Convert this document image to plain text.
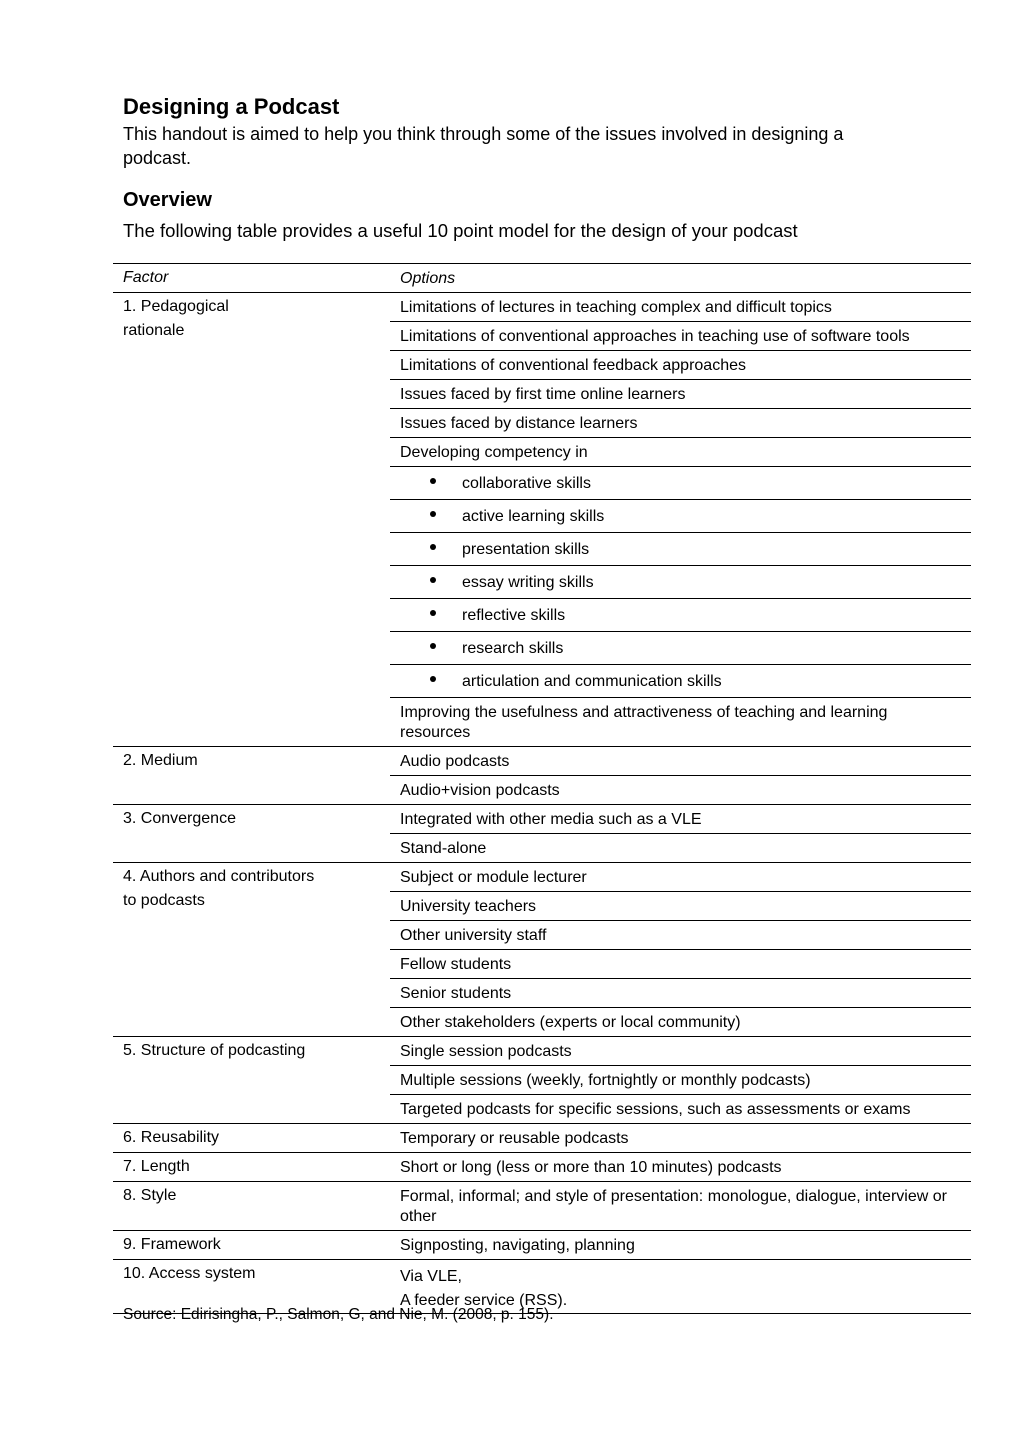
Designing a Podcast

This handout is aimed to help you think through some of the issues involved in designing a podcast.

Overview

The following table provides a useful 10 point model for the design of your podcast

Factor	Options
1. Pedagogical
rationale	Limitations of lectures in teaching complex and difficult topics
	Limitations of conventional approaches in teaching use of software tools
	Limitations of conventional feedback approaches
	Issues faced by first time online learners
	Issues faced by distance learners
	Developing competency in
	collaborative skills
	active learning skills
	presentation skills
	essay writing skills
	reflective skills
	research skills
	articulation and communication skills
	Improving the usefulness and attractiveness of teaching and learning resources
2. Medium	Audio podcasts
	Audio+vision podcasts
3. Convergence	Integrated with other media such as a VLE
	Stand-alone
4. Authors and contributors
to podcasts	Subject or module lecturer
	University teachers
	Other university staff
	Fellow students
	Senior students
	Other stakeholders (experts or local community)
5. Structure of podcasting	Single session podcasts
	Multiple sessions (weekly, fortnightly or monthly podcasts)
	Targeted podcasts for specific sessions, such as assessments or exams
6. Reusability	Temporary or reusable podcasts
7. Length	Short or long (less or more than 10 minutes) podcasts
8. Style	Formal, informal; and style of presentation: monologue, dialogue, interview or other
9. Framework	Signposting, navigating, planning
10. Access system	Via VLE,
A feeder service (RSS).

Source: Edirisingha, P., Salmon, G, and Nie, M. (2008, p. 155).
